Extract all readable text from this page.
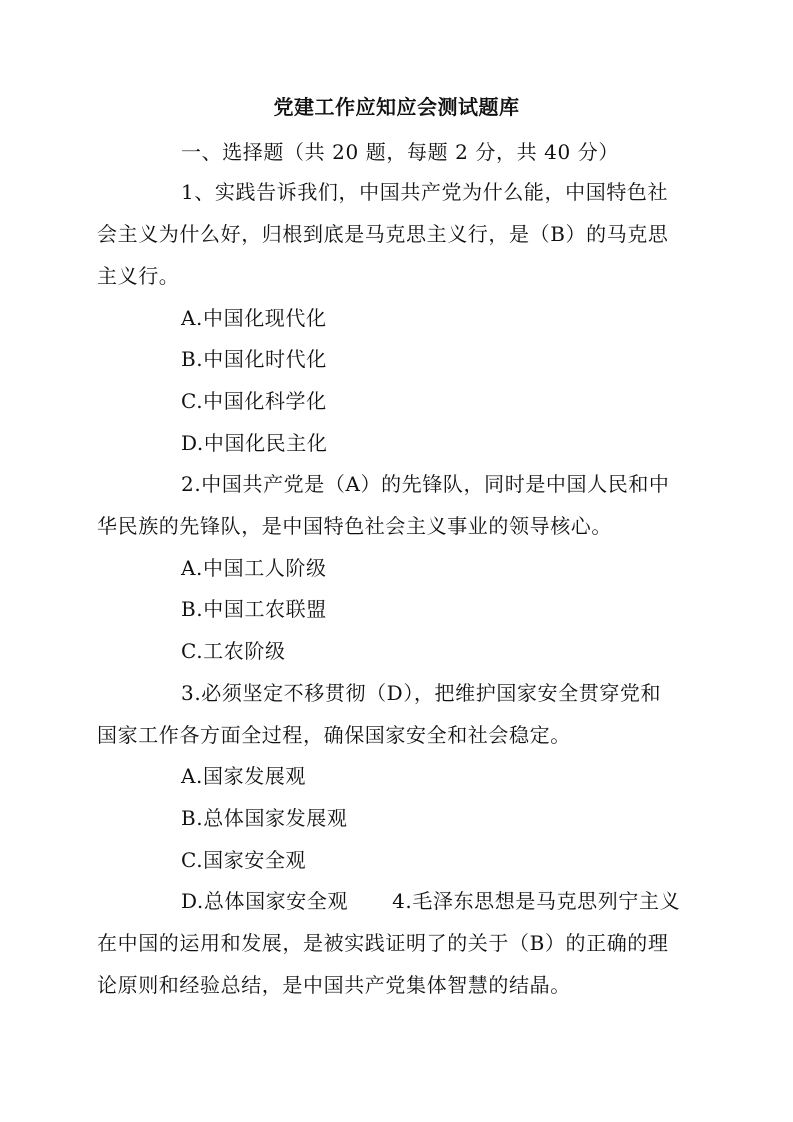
党建工作应知应会测试题库
一、选择题（共 20 题，每题 2 分，共 40 分）
1、实践告诉我们，中国共产党为什么能，中国特色社
会主义为什么好，归根到底是马克思主义行，是（B）的马克思
主义行。
A.中国化现代化
B.中国化时代化
C.中国化科学化
D.中国化民主化
2.中国共产党是（A）的先锋队，同时是中国人民和中
华民族的先锋队，是中国特色社会主义事业的领导核心。
A.中国工人阶级
B.中国工农联盟
C.工农阶级
3.必须坚定不移贯彻（D），把维护国家安全贯穿党和
国家工作各方面全过程，确保国家安全和社会稳定。
A.国家发展观
B.总体国家发展观
C.国家安全观
D.总体国家安全观 4.毛泽东思想是马克思列宁主义
在中国的运用和发展，是被实践证明了的关于（B）的正确的理
论原则和经验总结，是中国共产党集体智慧的结晶。
